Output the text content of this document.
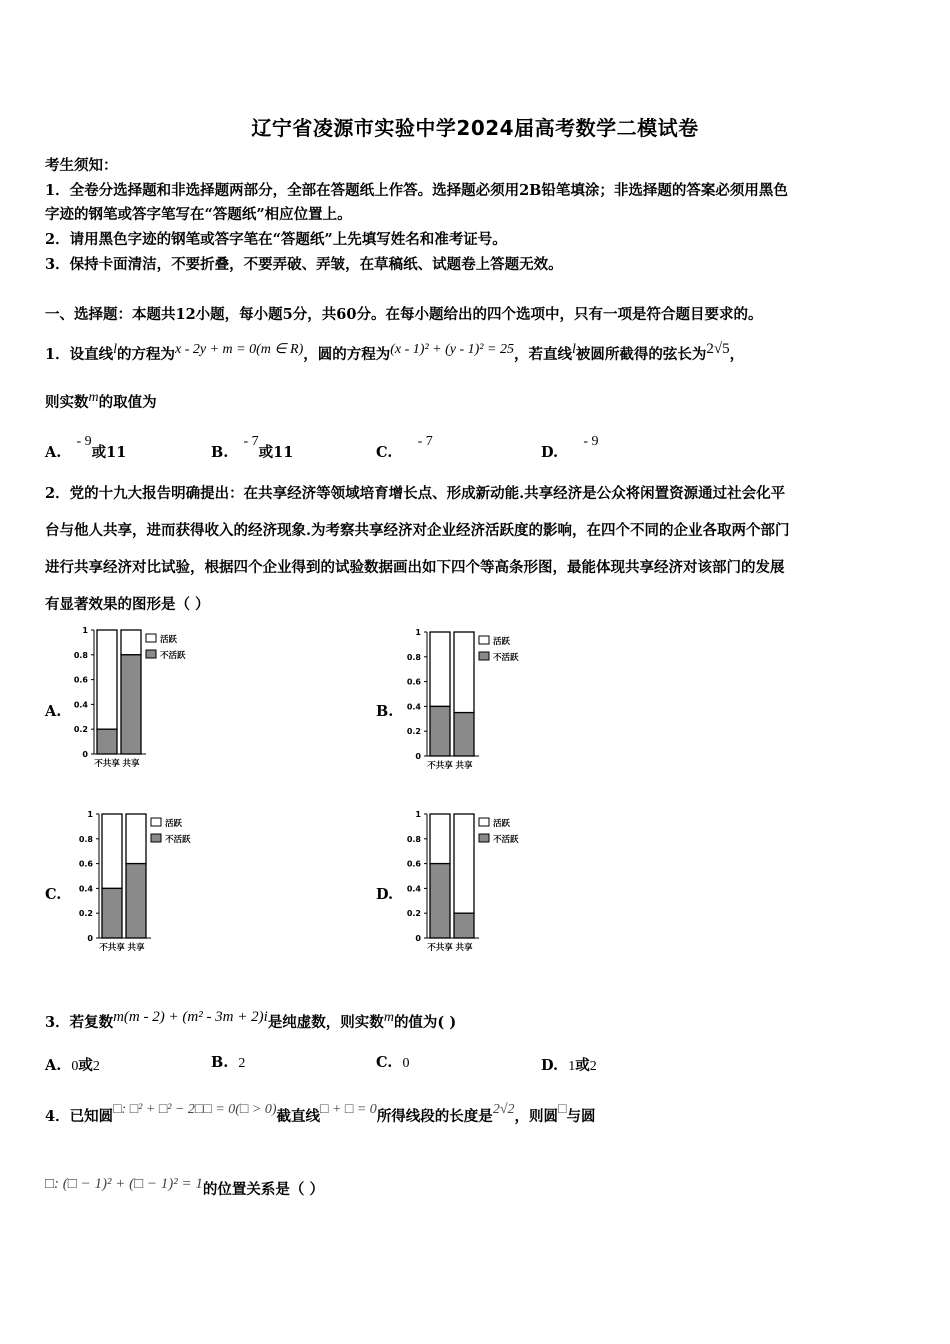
辽宁省凌源市实验中学2024届高考数学二模试卷
考生须知：
1．全卷分选择题和非选择题两部分，全部在答题纸上作答。选择题必须用2B铅笔填涂；非选择题的答案必须用黑色
字迹的钢笔或答字笔写在“答题纸”相应位置上。
2．请用黑色字迹的钢笔或答字笔在“答题纸”上先填写姓名和准考证号。
3．保持卡面清洁，不要折叠，不要弄破、弄皱，在草稿纸、试题卷上答题无效。
一、选择题：本题共12小题，每小题5分，共60分。在每小题给出的四个选项中，只有一项是符合题目要求的。
1．设直线l的方程为x - 2y + m = 0(m ∈ R)，圆的方程为(x - 1)² + (y - 1)² = 25，若直线l被圆所截得的弦长为2√5，
则实数m的取值为
A.   - 9或11	B.   - 7或11	C.     - 7
D.     - 9
2．党的十九大报告明确提出：在共享经济等领域培育增长点、形成新动能.共享经济是公众将闲置资源通过社会化平
台与他人共享，进而获得收入的经济现象.为考察共享经济对企业经济活跃度的影响，在四个不同的企业各取两个部门
进行共享经济对比试验，根据四个企业得到的试验数据画出如下四个等高条形图，最能体现共享经济对该部门的发展
有显著效果的图形是（ ）
A.	B.
C.	D.
0
0.2
0.4
0.6
0.8
1
不共享 共享
活跃
不活跃
0
0.2
0.4
0.6
0.8
1
不共享 共享
活跃
不活跃
0
0.2
0.4
0.6
0.8
1
不共享 共享
活跃
不活跃
0
0.2
0.4
0.6
0.8
1
不共享 共享
活跃
不活跃
3．若复数m(m - 2) + (m² - 3m + 2)i是纯虚数，则实数m的值为( )
A. 0或2	B. 2	C. 0	D. 1或2
4．已知圆□: □² + □² − 2□□ = 0(□ > 0)截直线□ + □ = 0所得线段的长度是2√2，则圆□与圆
□: (□ − 1)² + (□ − 1)² = 1的位置关系是（ ）
